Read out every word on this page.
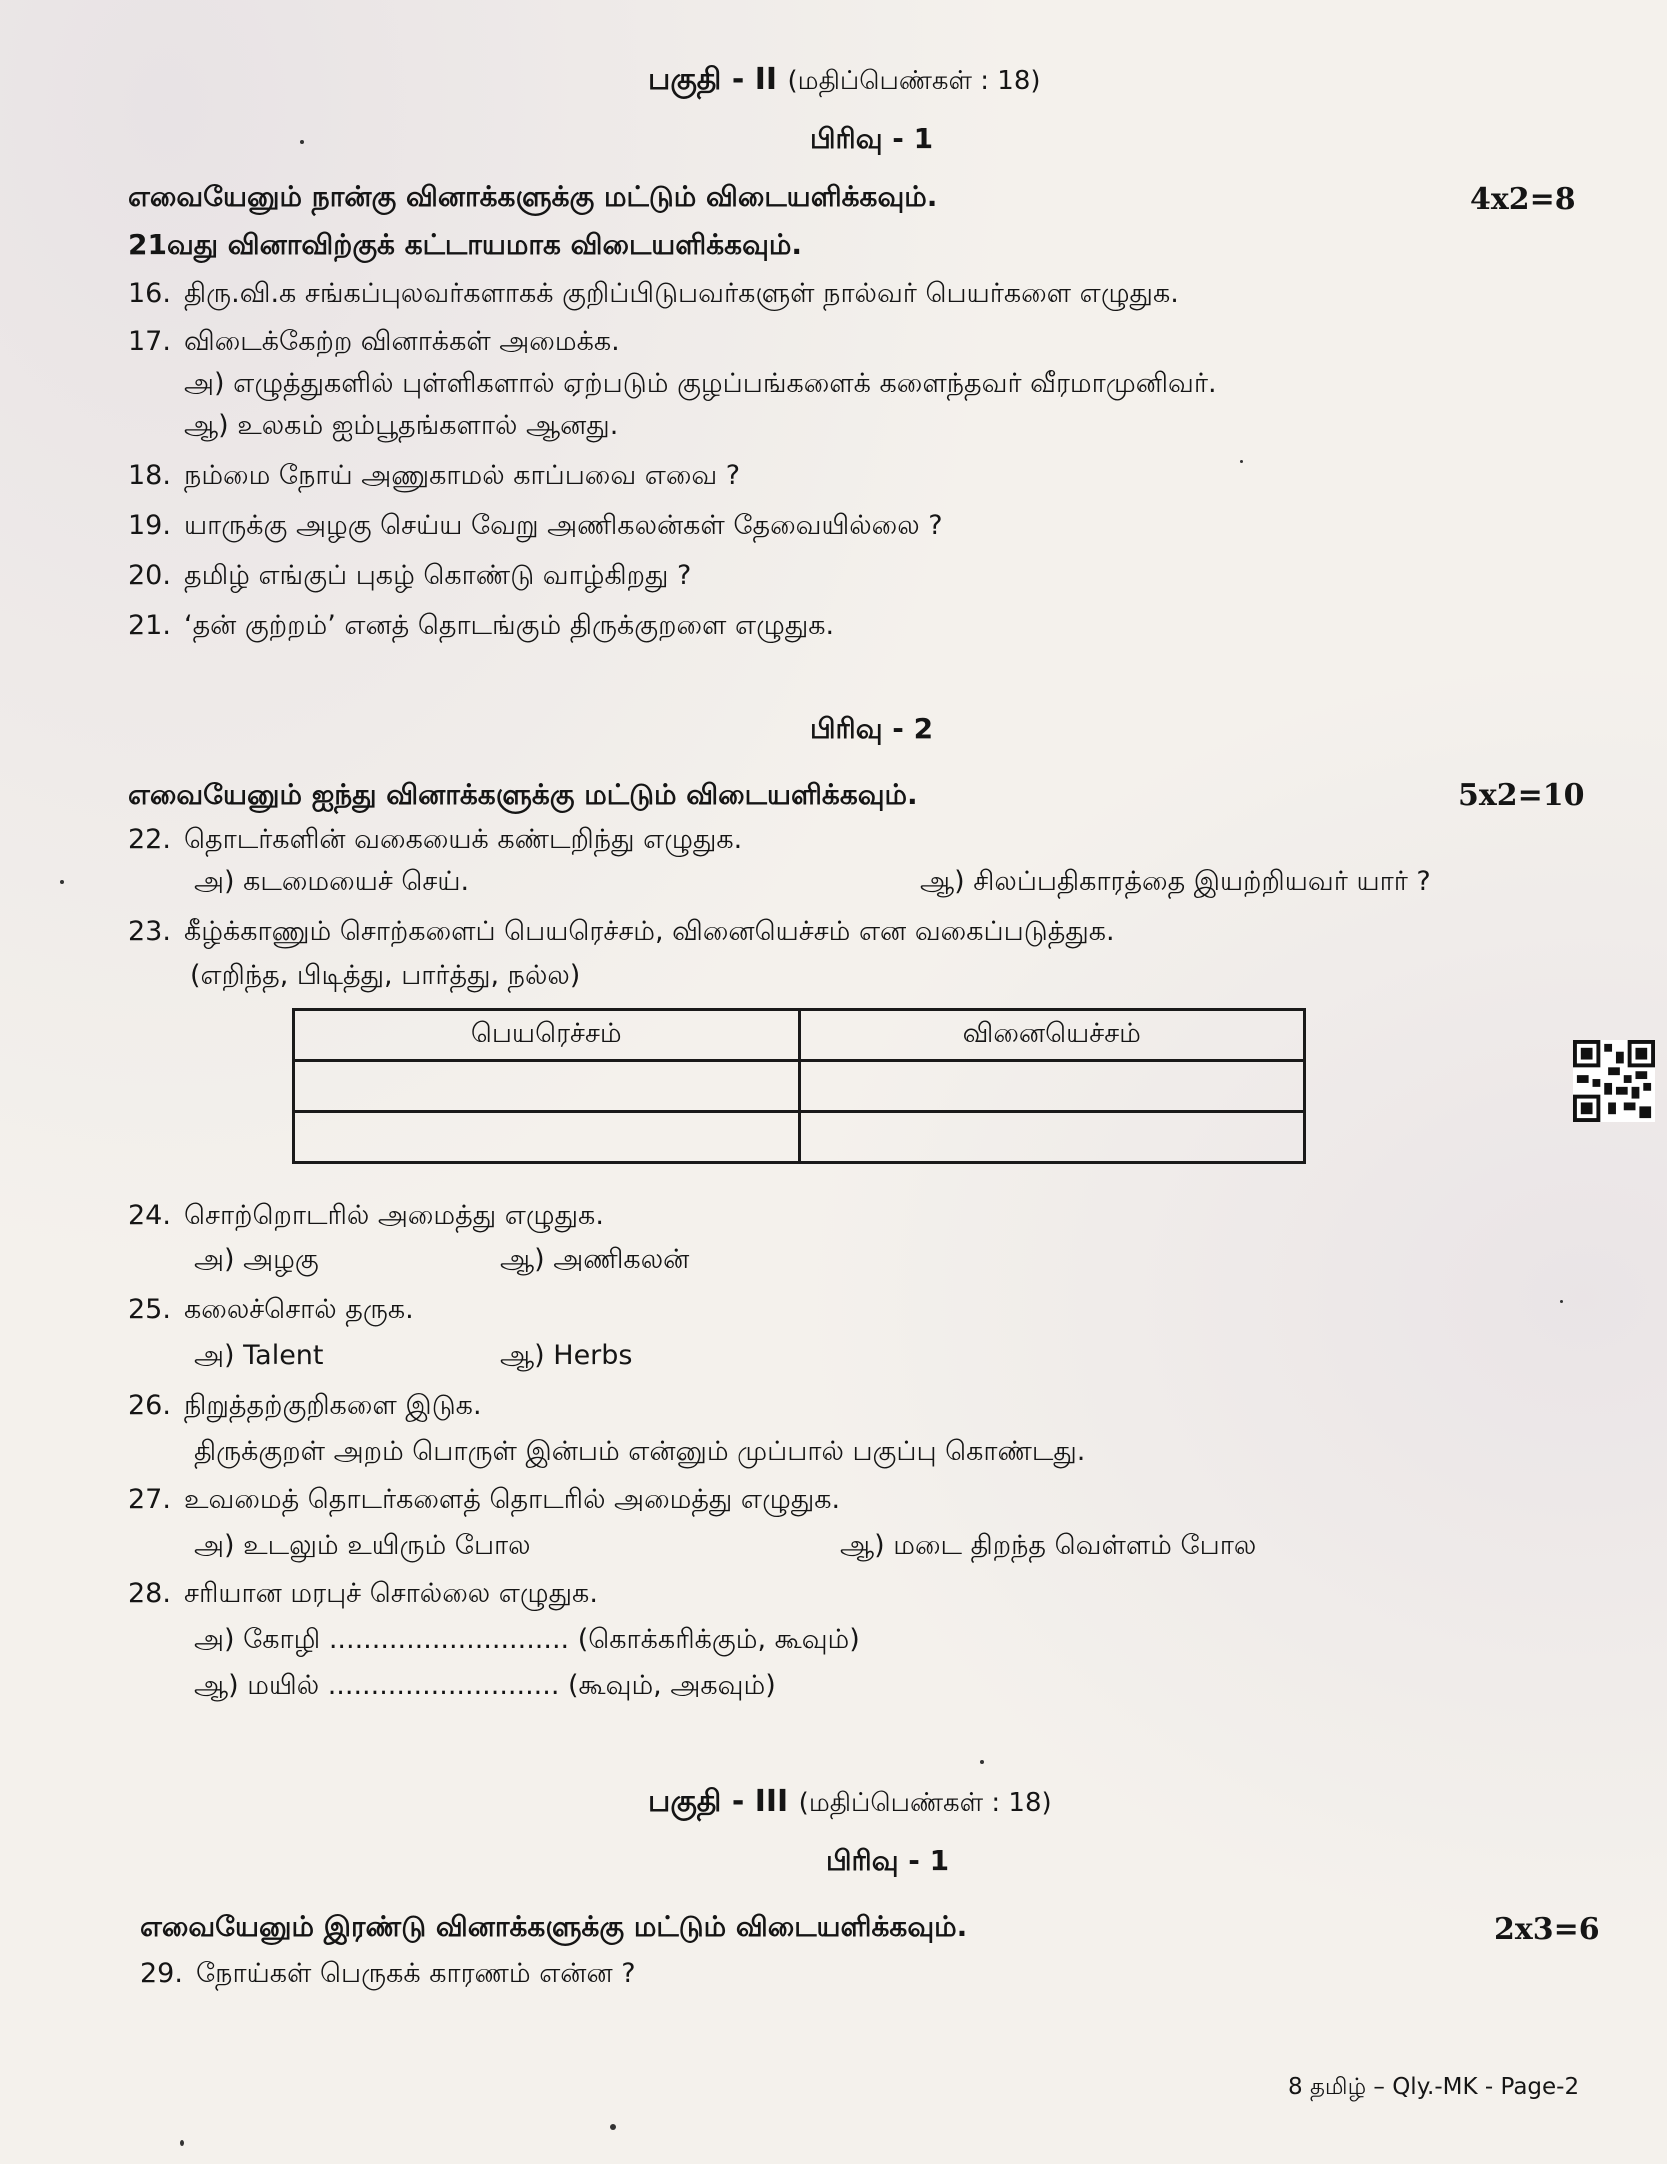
பகுதி - II (மதிப்பெண்கள் : 18)
பிரிவு - 1
எவையேனும் நான்கு வினாக்களுக்கு மட்டும் விடையளிக்கவும்.	4x2=8
21வது வினாவிற்குக் கட்டாயமாக விடையளிக்கவும்.
16. திரு.வி.க சங்கப்புலவர்களாகக் குறிப்பிடுபவர்களுள் நால்வர் பெயர்களை எழுதுக.
17. விடைக்கேற்ற வினாக்கள் அமைக்க.
அ) எழுத்துகளில் புள்ளிகளால் ஏற்படும் குழப்பங்களைக் களைந்தவர் வீரமாமுனிவர்.
ஆ) உலகம் ஐம்பூதங்களால் ஆனது.
18. நம்மை நோய் அணுகாமல் காப்பவை எவை ?
19. யாருக்கு அழகு செய்ய வேறு அணிகலன்கள் தேவையில்லை ?
20. தமிழ் எங்குப் புகழ் கொண்டு வாழ்கிறது ?
21. ‘தன் குற்றம்’ எனத் தொடங்கும் திருக்குறளை எழுதுக.
பிரிவு - 2
எவையேனும் ஐந்து வினாக்களுக்கு மட்டும் விடையளிக்கவும்.	5x2=10
22. தொடர்களின் வகையைக் கண்டறிந்து எழுதுக.
அ) கடமையைச் செய்.	ஆ) சிலப்பதிகாரத்தை இயற்றியவர் யார் ?
23. கீழ்க்காணும் சொற்களைப் பெயரெச்சம், வினையெச்சம் என வகைப்படுத்துக.
(எறிந்த, பிடித்து, பார்த்து, நல்ல)
பெயரெச்சம்	வினையெச்சம்

24. சொற்றொடரில் அமைத்து எழுதுக.
அ) அழகு	ஆ) அணிகலன்
25. கலைச்சொல் தருக.
அ) Talent	ஆ) Herbs
26. நிறுத்தற்குறிகளை இடுக.
திருக்குறள் அறம் பொருள் இன்பம் என்னும் முப்பால் பகுப்பு கொண்டது.
27. உவமைத் தொடர்களைத் தொடரில் அமைத்து எழுதுக.
அ) உடலும் உயிரும் போல	ஆ) மடை திறந்த வெள்ளம் போல
28. சரியான மரபுச் சொல்லை எழுதுக.
அ) கோழி ............................ (கொக்கரிக்கும், கூவும்)
ஆ) மயில் ........................... (கூவும், அகவும்)
பகுதி - III (மதிப்பெண்கள் : 18)
பிரிவு - 1
எவையேனும் இரண்டு வினாக்களுக்கு மட்டும் விடையளிக்கவும்.	2x3=6
29. நோய்கள் பெருகக் காரணம் என்ன ?
8 தமிழ் – Qly.-MK - Page-2
